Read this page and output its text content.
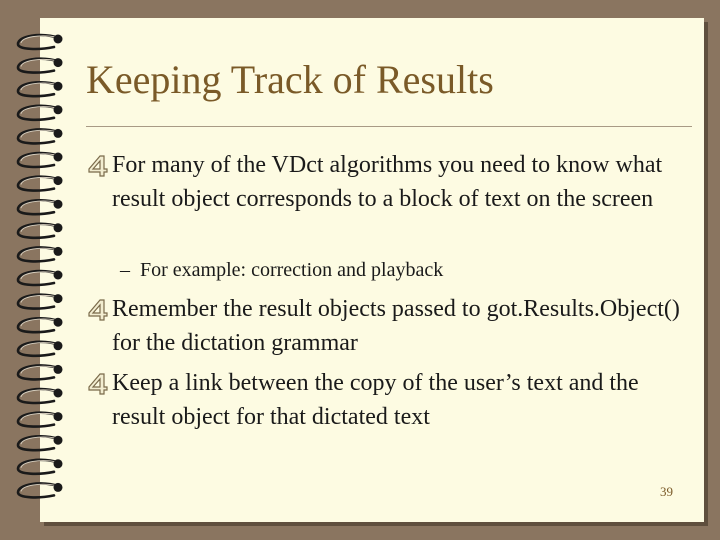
Keeping Track of Results
For many of the VDct algorithms you need to know what result object corresponds to a block of text on the screen
– For example: correction and playback
Remember the result objects passed to got.Results.Object() for the dictation grammar
Keep a link between the copy of the user’s text and the result object for that dictated text
39
